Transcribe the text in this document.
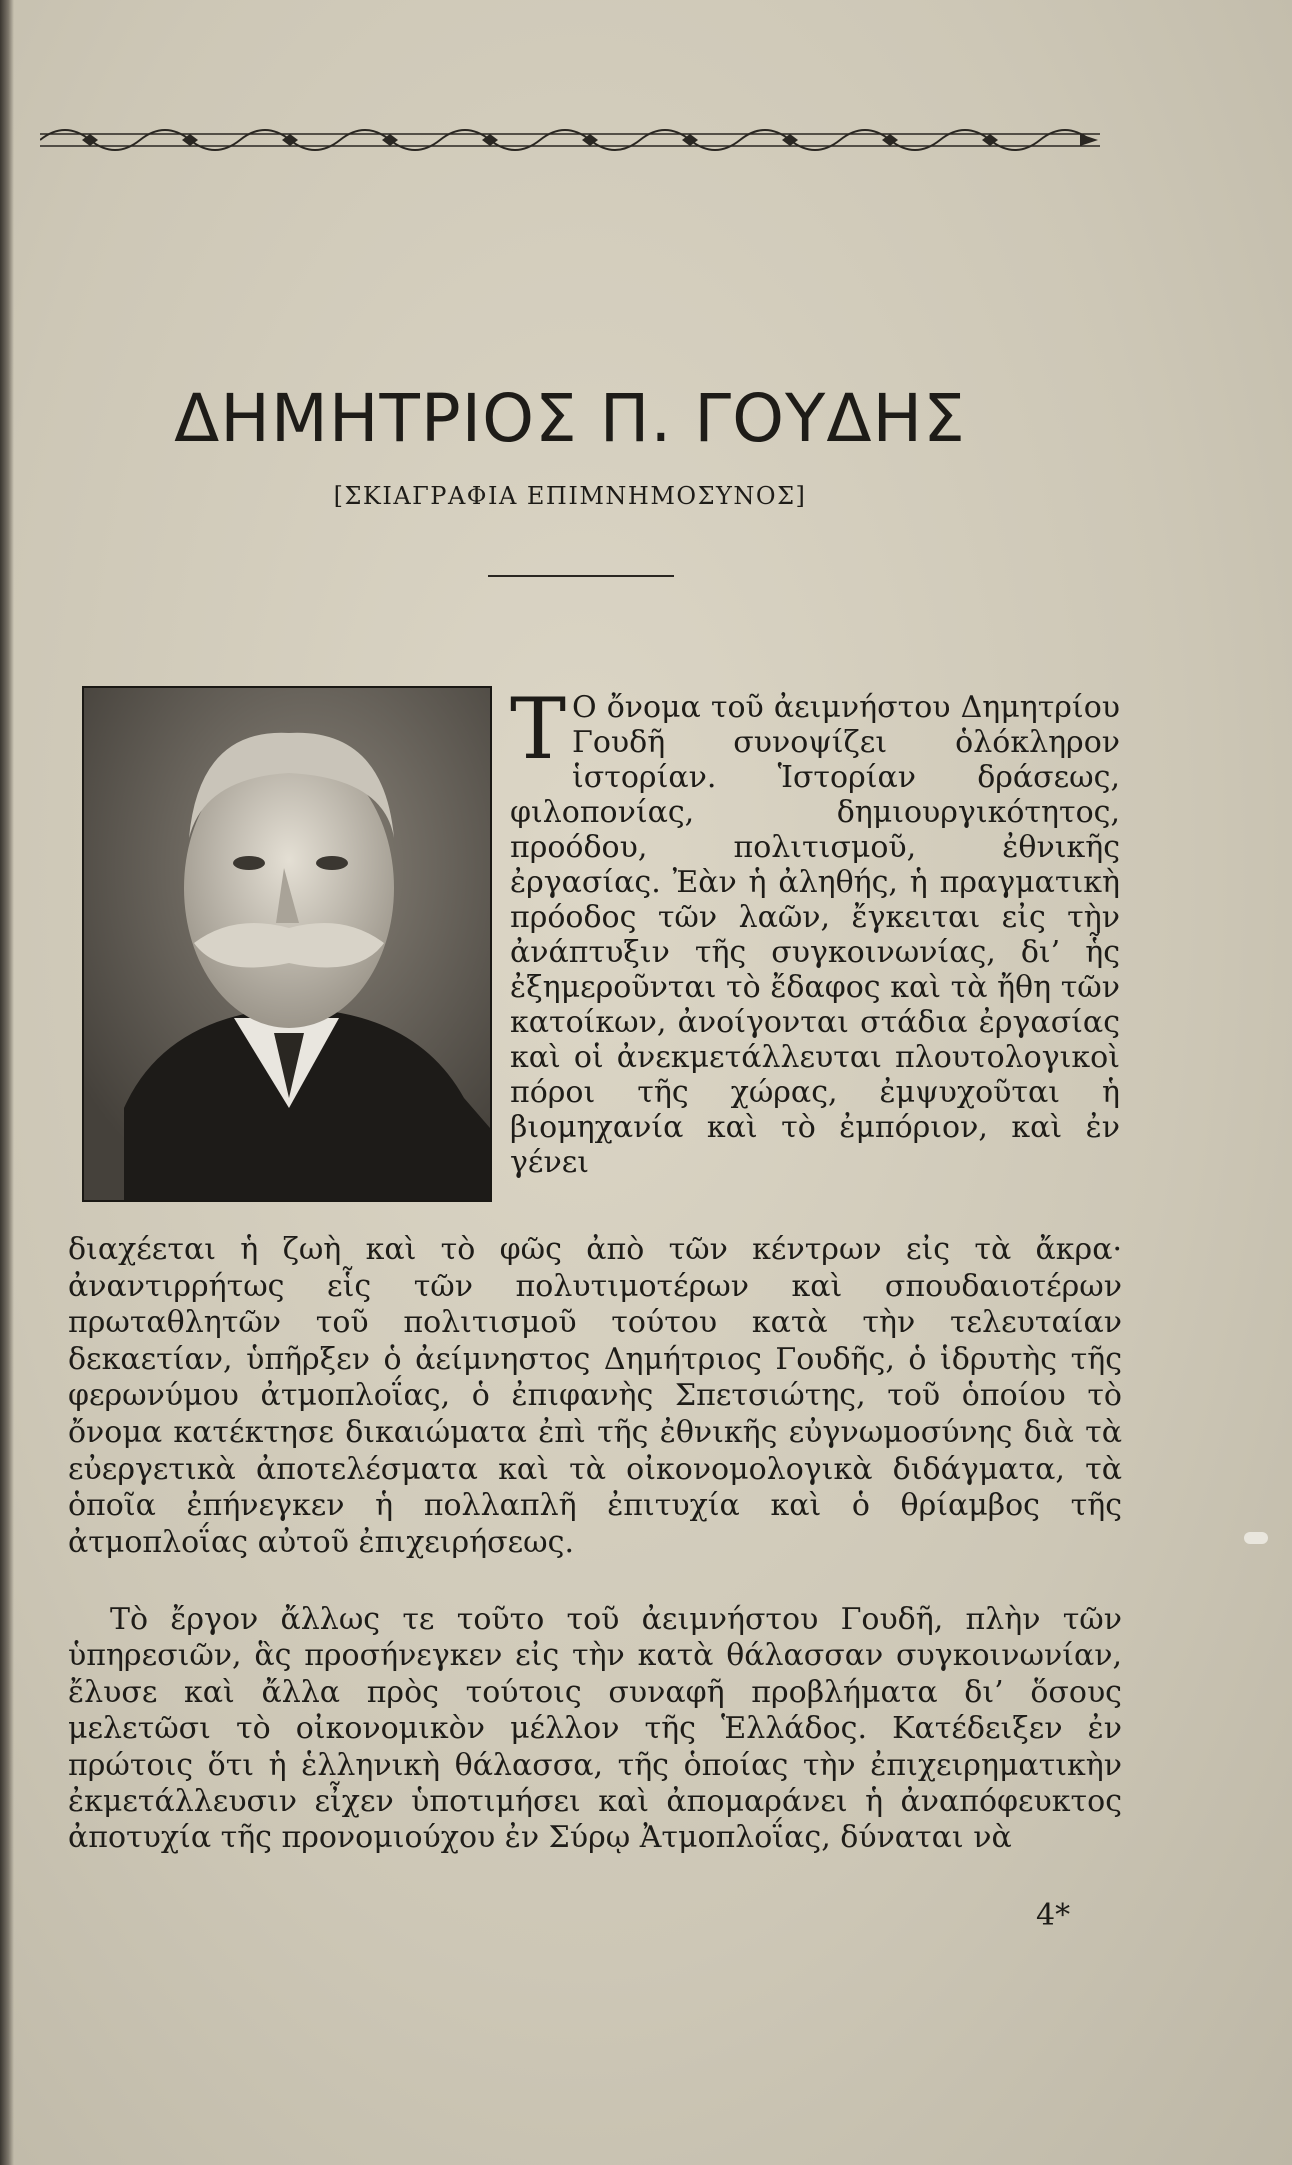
ΔΗΜΗΤΡΙΟΣ Π. ΓΟΥΔΗΣ

[ΣΚΙΑΓΡΑΦΙΑ ΕΠΙΜΝΗΜΟΣΥΝΟΣ]

Τ Ο ὄνομα τοῦ ἀειμνήστου Δημητρίου Γουδῆ συνοψίζει ὁλόκληρον ἱστορίαν. Ἱστορίαν δράσεως, φιλοπονίας, δημιουργικότητος, προόδου, πολιτισμοῦ, ἐθνικῆς ἐργασίας. Ἐὰν ἡ ἀληθής, ἡ πραγματικὴ πρόοδος τῶν λαῶν, ἔγκειται εἰς τὴν ἀνάπτυξιν τῆς συγκοινωνίας, δι’ ἧς ἐξημεροῦνται τὸ ἔδαφος καὶ τὰ ἤθη τῶν κατοίκων, ἀνοίγονται στάδια ἐργασίας καὶ οἱ ἀνεκμετάλλευται πλουτολογικοὶ πόροι τῆς χώρας, ἐμψυχοῦται ἡ βιομηχανία καὶ τὸ ἐμπόριον, καὶ ἐν γένει
διαχέεται ἡ ζωὴ καὶ τὸ φῶς ἀπὸ τῶν κέντρων εἰς τὰ ἄκρα· ἀναντιρρήτως εἷς τῶν πολυτιμοτέρων καὶ σπουδαιοτέρων πρωταθλητῶν τοῦ πολιτισμοῦ τούτου κατὰ τὴν τελευταίαν δεκαετίαν, ὑπῆρξεν ὁ ἀείμνηστος Δημήτριος Γουδῆς, ὁ ἱδρυτὴς τῆς φερωνύμου ἀτμοπλοΐας, ὁ ἐπιφανὴς Σπετσιώτης, τοῦ ὁποίου τὸ ὄνομα κατέκτησε δικαιώματα ἐπὶ τῆς ἐθνικῆς εὐγνωμοσύνης διὰ τὰ εὐεργετικὰ ἀποτελέσματα καὶ τὰ οἰκονομολογικὰ διδάγματα, τὰ ὁποῖα ἐπήνεγκεν ἡ πολλαπλῆ ἐπιτυχία καὶ ὁ θρίαμβος τῆς ἀτμοπλοΐας αὐτοῦ ἐπιχειρήσεως.
Τὸ ἔργον ἄλλως τε τοῦτο τοῦ ἀειμνήστου Γουδῆ, πλὴν τῶν ὑπηρεσιῶν, ἃς προσήνεγκεν εἰς τὴν κατὰ θάλασσαν συγκοινωνίαν, ἔλυσε καὶ ἄλλα πρὸς τούτοις συναφῆ προβλήματα δι’ ὅσους μελετῶσι τὸ οἰκονομικὸν μέλλον τῆς Ἑλλάδος. Κατέδειξεν ἐν πρώτοις ὅτι ἡ ἑλληνικὴ θάλασσα, τῆς ὁποίας τὴν ἐπιχειρηματικὴν ἐκμετάλλευσιν εἶχεν ὑποτιμήσει καὶ ἀπομαράνει ἡ ἀναπόφευκτος ἀποτυχία τῆς προνομιούχου ἐν Σύρῳ Ἀτμοπλοΐας, δύναται νὰ
4*
